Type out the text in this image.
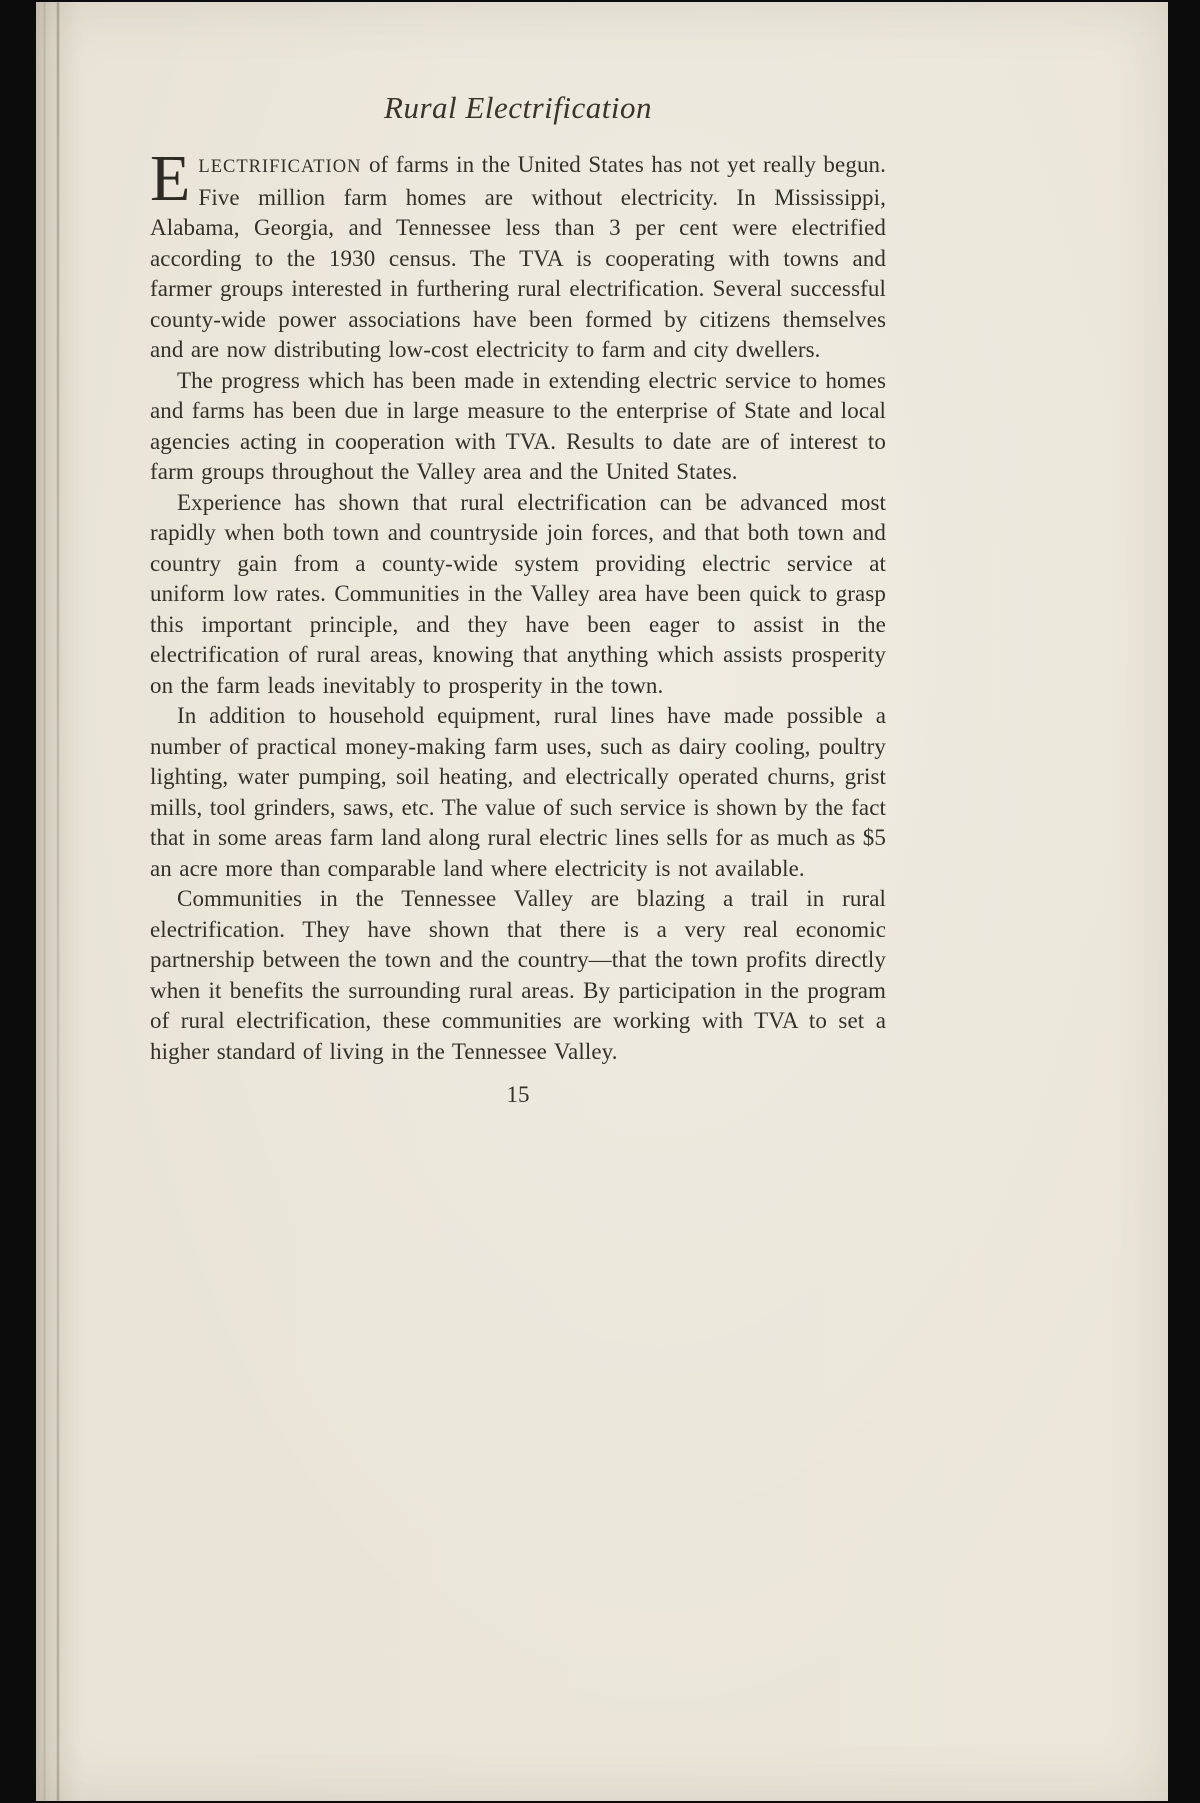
Rural Electrification

ELECTRIFICATION of farms in the United States has not yet really begun. Five million farm homes are without electricity. In Mississippi, Alabama, Georgia, and Tennessee less than 3 per cent were electrified according to the 1930 census. The TVA is cooperating with towns and farmer groups interested in furthering rural electrification. Several successful county-wide power associations have been formed by citizens themselves and are now distributing low-cost electricity to farm and city dwellers.

The progress which has been made in extending electric service to homes and farms has been due in large measure to the enterprise of State and local agencies acting in cooperation with TVA. Results to date are of interest to farm groups throughout the Valley area and the United States.

Experience has shown that rural electrification can be advanced most rapidly when both town and countryside join forces, and that both town and country gain from a county-wide system providing electric service at uniform low rates. Communities in the Valley area have been quick to grasp this important principle, and they have been eager to assist in the electrification of rural areas, knowing that anything which assists prosperity on the farm leads inevitably to prosperity in the town.

In addition to household equipment, rural lines have made possible a number of practical money-making farm uses, such as dairy cooling, poultry lighting, water pumping, soil heating, and electrically operated churns, grist mills, tool grinders, saws, etc. The value of such service is shown by the fact that in some areas farm land along rural electric lines sells for as much as $5 an acre more than comparable land where electricity is not available.

Communities in the Tennessee Valley are blazing a trail in rural electrification. They have shown that there is a very real economic partnership between the town and the country—that the town profits directly when it benefits the surrounding rural areas. By participation in the program of rural electrification, these communities are working with TVA to set a higher standard of living in the Tennessee Valley.

15
